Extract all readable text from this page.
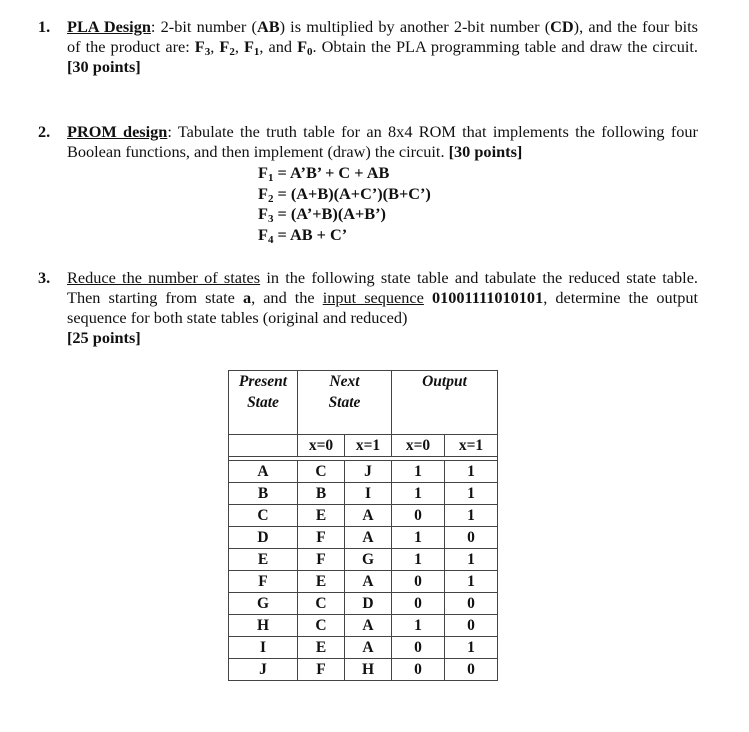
1. PLA Design: 2-bit number (AB) is multiplied by another 2-bit number (CD), and the four bits of the product are: $F_3$, $F_2$, $F_1$, and $F_0$. Obtain the PLA programming table and draw the circuit. [30 points]
2. PROM design: Tabulate the truth table for an 8x4 ROM that implements the following four Boolean functions, and then implement (draw) the circuit. [30 points]
$F_1$ = A’B’ + C + AB
$F_2$ = (A+B)(A+C’)(B+C’)
$F_3$ = (A’+B)(A+B’)
$F_4$ = AB + C’
3. Reduce the number of states in the following state table and tabulate the reduced state table. Then starting from state a, and the input sequence 01001111010101, determine the output sequence for both state tables (original and reduced)
[25 points]
Present
State	Next
State		Output	

	x=0	x=1	x=0	x=1

A	C	J	1	1
B	B	I	1	1
C	E	A	0	1
D	F	A	1	0
E	F	G	1	1
F	E	A	0	1
G	C	D	0	0
H	C	A	1	0
I	E	A	0	1
J	F	H	0	0
